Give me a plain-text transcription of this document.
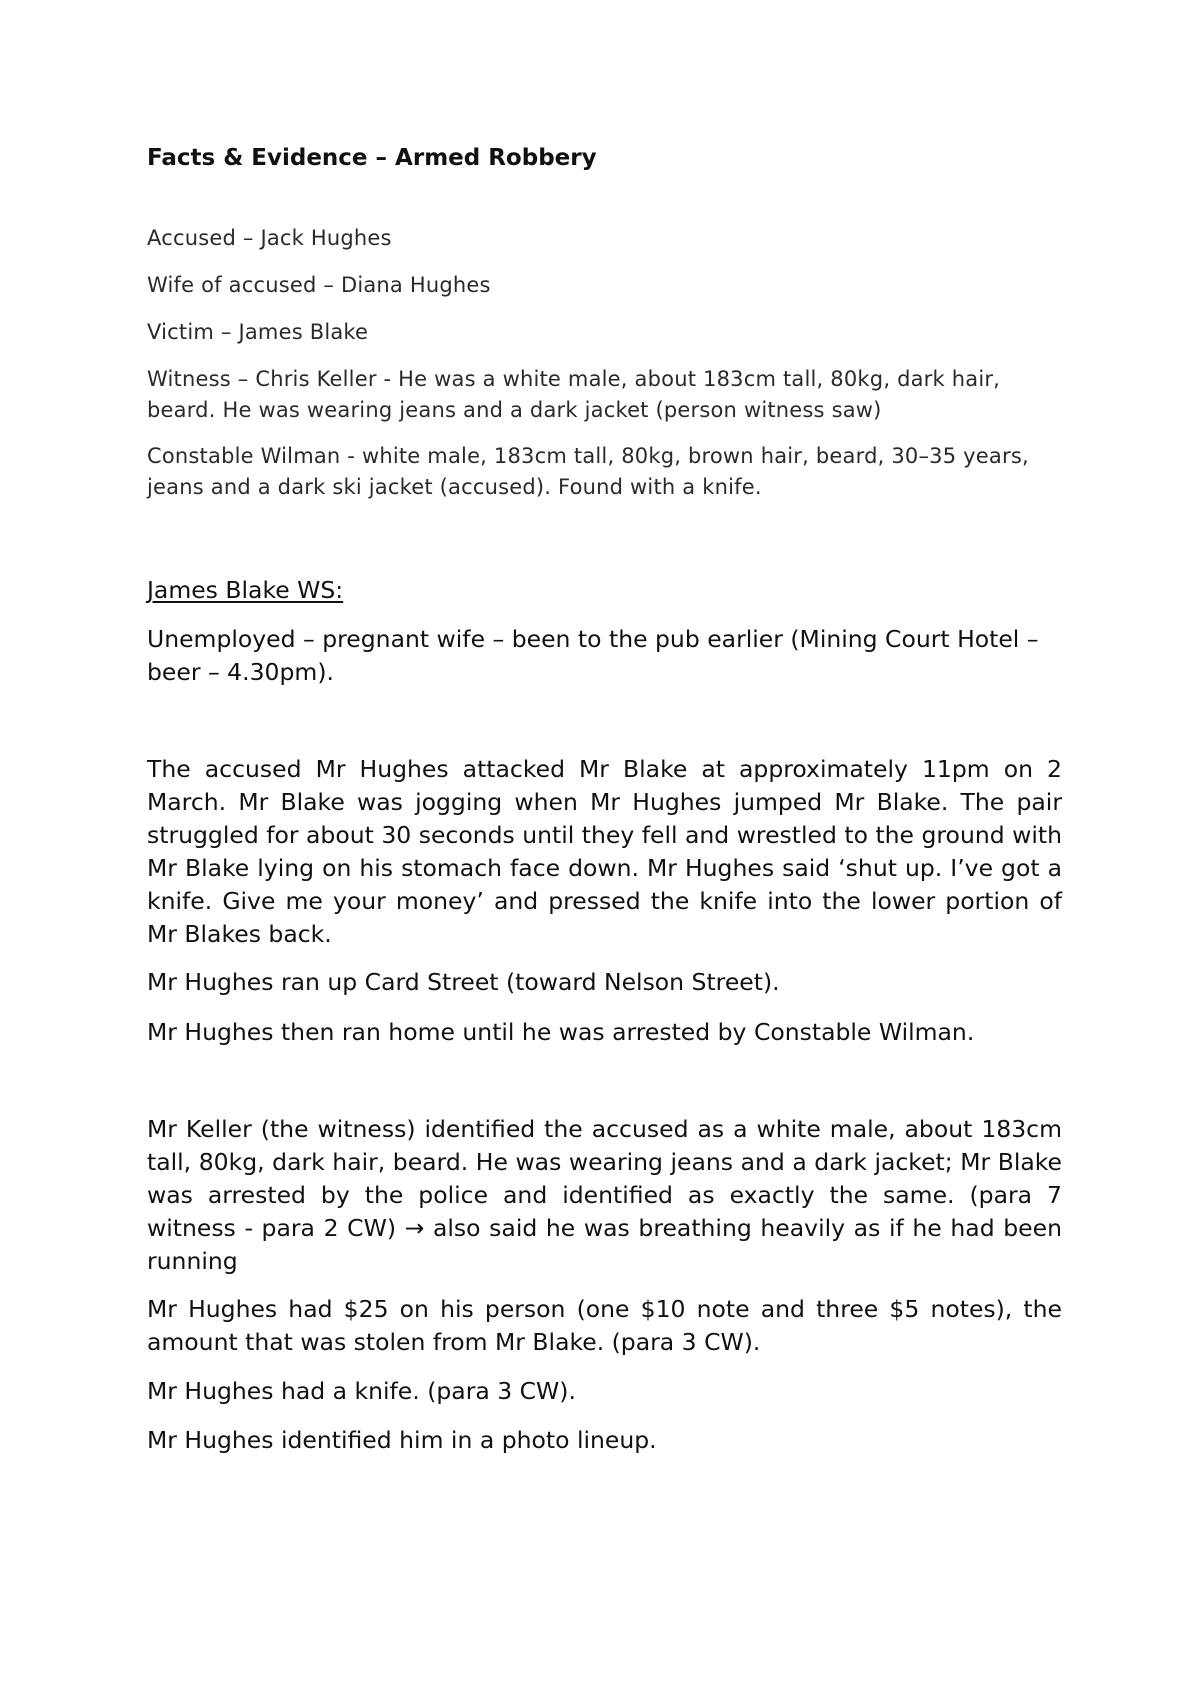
Facts & Evidence – Armed Robbery
Accused – Jack Hughes
Wife of accused – Diana Hughes
Victim – James Blake
Witness – Chris Keller - He was a white male, about 183cm tall, 80kg, dark hair, beard. He was wearing jeans and a dark jacket (person witness saw)
Constable Wilman - white male, 183cm tall, 80kg, brown hair, beard, 30–35 years, jeans and a dark ski jacket (accused). Found with a knife.
James Blake WS:
Unemployed – pregnant wife – been to the pub earlier (Mining Court Hotel – beer – 4.30pm).
The accused Mr Hughes attacked Mr Blake at approximately 11pm on 2 March. Mr Blake was jogging when Mr Hughes jumped Mr Blake. The pair struggled for about 30 seconds until they fell and wrestled to the ground with Mr Blake lying on his stomach face down. Mr Hughes said ‘shut up. I’ve got a knife. Give me your money’ and pressed the knife into the lower portion of Mr Blakes back.
Mr Hughes ran up Card Street (toward Nelson Street).
Mr Hughes then ran home until he was arrested by Constable Wilman.
Mr Keller (the witness) identified the accused as a white male, about 183cm tall, 80kg, dark hair, beard. He was wearing jeans and a dark jacket; Mr Blake was arrested by the police and identified as exactly the same. (para 7 witness - para 2 CW) → also said he was breathing heavily as if he had been running
Mr Hughes had $25 on his person (one $10 note and three $5 notes), the amount that was stolen from Mr Blake. (para 3 CW).
Mr Hughes had a knife. (para 3 CW).
Mr Hughes identified him in a photo lineup.
